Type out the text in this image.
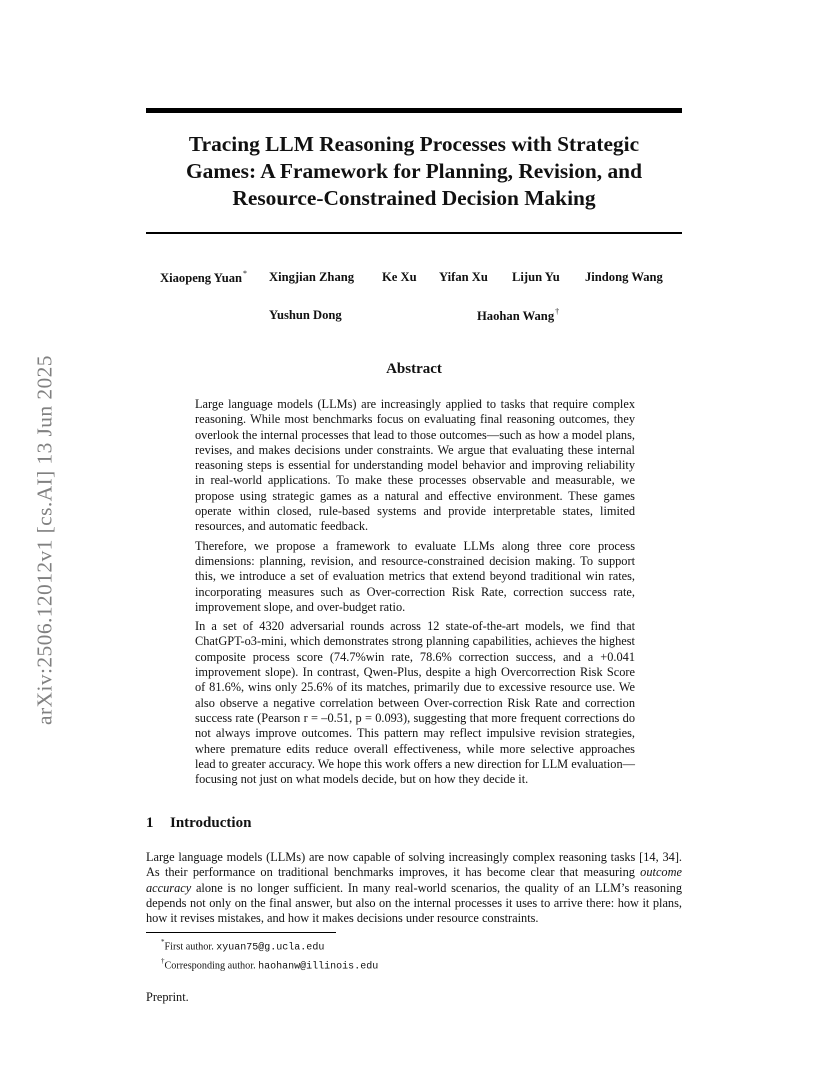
arXiv:2506.12012v1 [cs.AI] 13 Jun 2025
Tracing LLM Reasoning Processes with Strategic
Games: A Framework for Planning, Revision, and
Resource-Constrained Decision Making
Xiaopeng Yuan* Xingjian Zhang Ke Xu Yifan Xu Lijun Yu Jindong Wang
Yushun Dong	Haohan Wang†
Abstract

Large language models (LLMs) are increasingly applied to tasks that require complex reasoning. While most benchmarks focus on evaluating final reasoning outcomes, they overlook the internal processes that lead to those outcomes—such as how a model plans, revises, and makes decisions under constraints. We argue that evaluating these internal reasoning steps is essential for understanding model behavior and improving reliability in real-world applications. To make these processes observable and measurable, we propose using strategic games as a natural and effective environment. These games operate within closed, rule-based systems and provide interpretable states, limited resources, and automatic feedback.

Therefore, we propose a framework to evaluate LLMs along three core process dimensions: planning, revision, and resource-constrained decision making. To support this, we introduce a set of evaluation metrics that extend beyond traditional win rates, incorporating measures such as Over-correction Risk Rate, correction success rate, improvement slope, and over-budget ratio.

In a set of 4320 adversarial rounds across 12 state-of-the-art models, we find that ChatGPT-o3-mini, which demonstrates strong planning capabilities, achieves the highest composite process score (74.7%win rate, 78.6% correction success, and a +0.041 improvement slope). In contrast, Qwen-Plus, despite a high Overcorrection Risk Score of 81.6%, wins only 25.6% of its matches, primarily due to excessive resource use. We also observe a negative correlation between Over-correction Risk Rate and correction success rate (Pearson r = –0.51, p = 0.093), suggesting that more frequent corrections do not always improve outcomes. This pattern may reflect impulsive revision strategies, where premature edits reduce overall effectiveness, while more selective approaches lead to greater accuracy. We hope this work offers a new direction for LLM evaluation—focusing not just on what models decide, but on how they decide it.

1 Introduction

Large language models (LLMs) are now capable of solving increasingly complex reasoning tasks [14, 34]. As their performance on traditional benchmarks improves, it has become clear that measuring outcome accuracy alone is no longer sufficient. In many real-world scenarios, the quality of an LLM’s reasoning depends not only on the final answer, but also on the internal processes it uses to arrive there: how it plans, how it revises mistakes, and how it makes decisions under resource constraints.

*First author. xyuan75@g.ucla.edu
†Corresponding author. haohanw@illinois.edu
Preprint.
